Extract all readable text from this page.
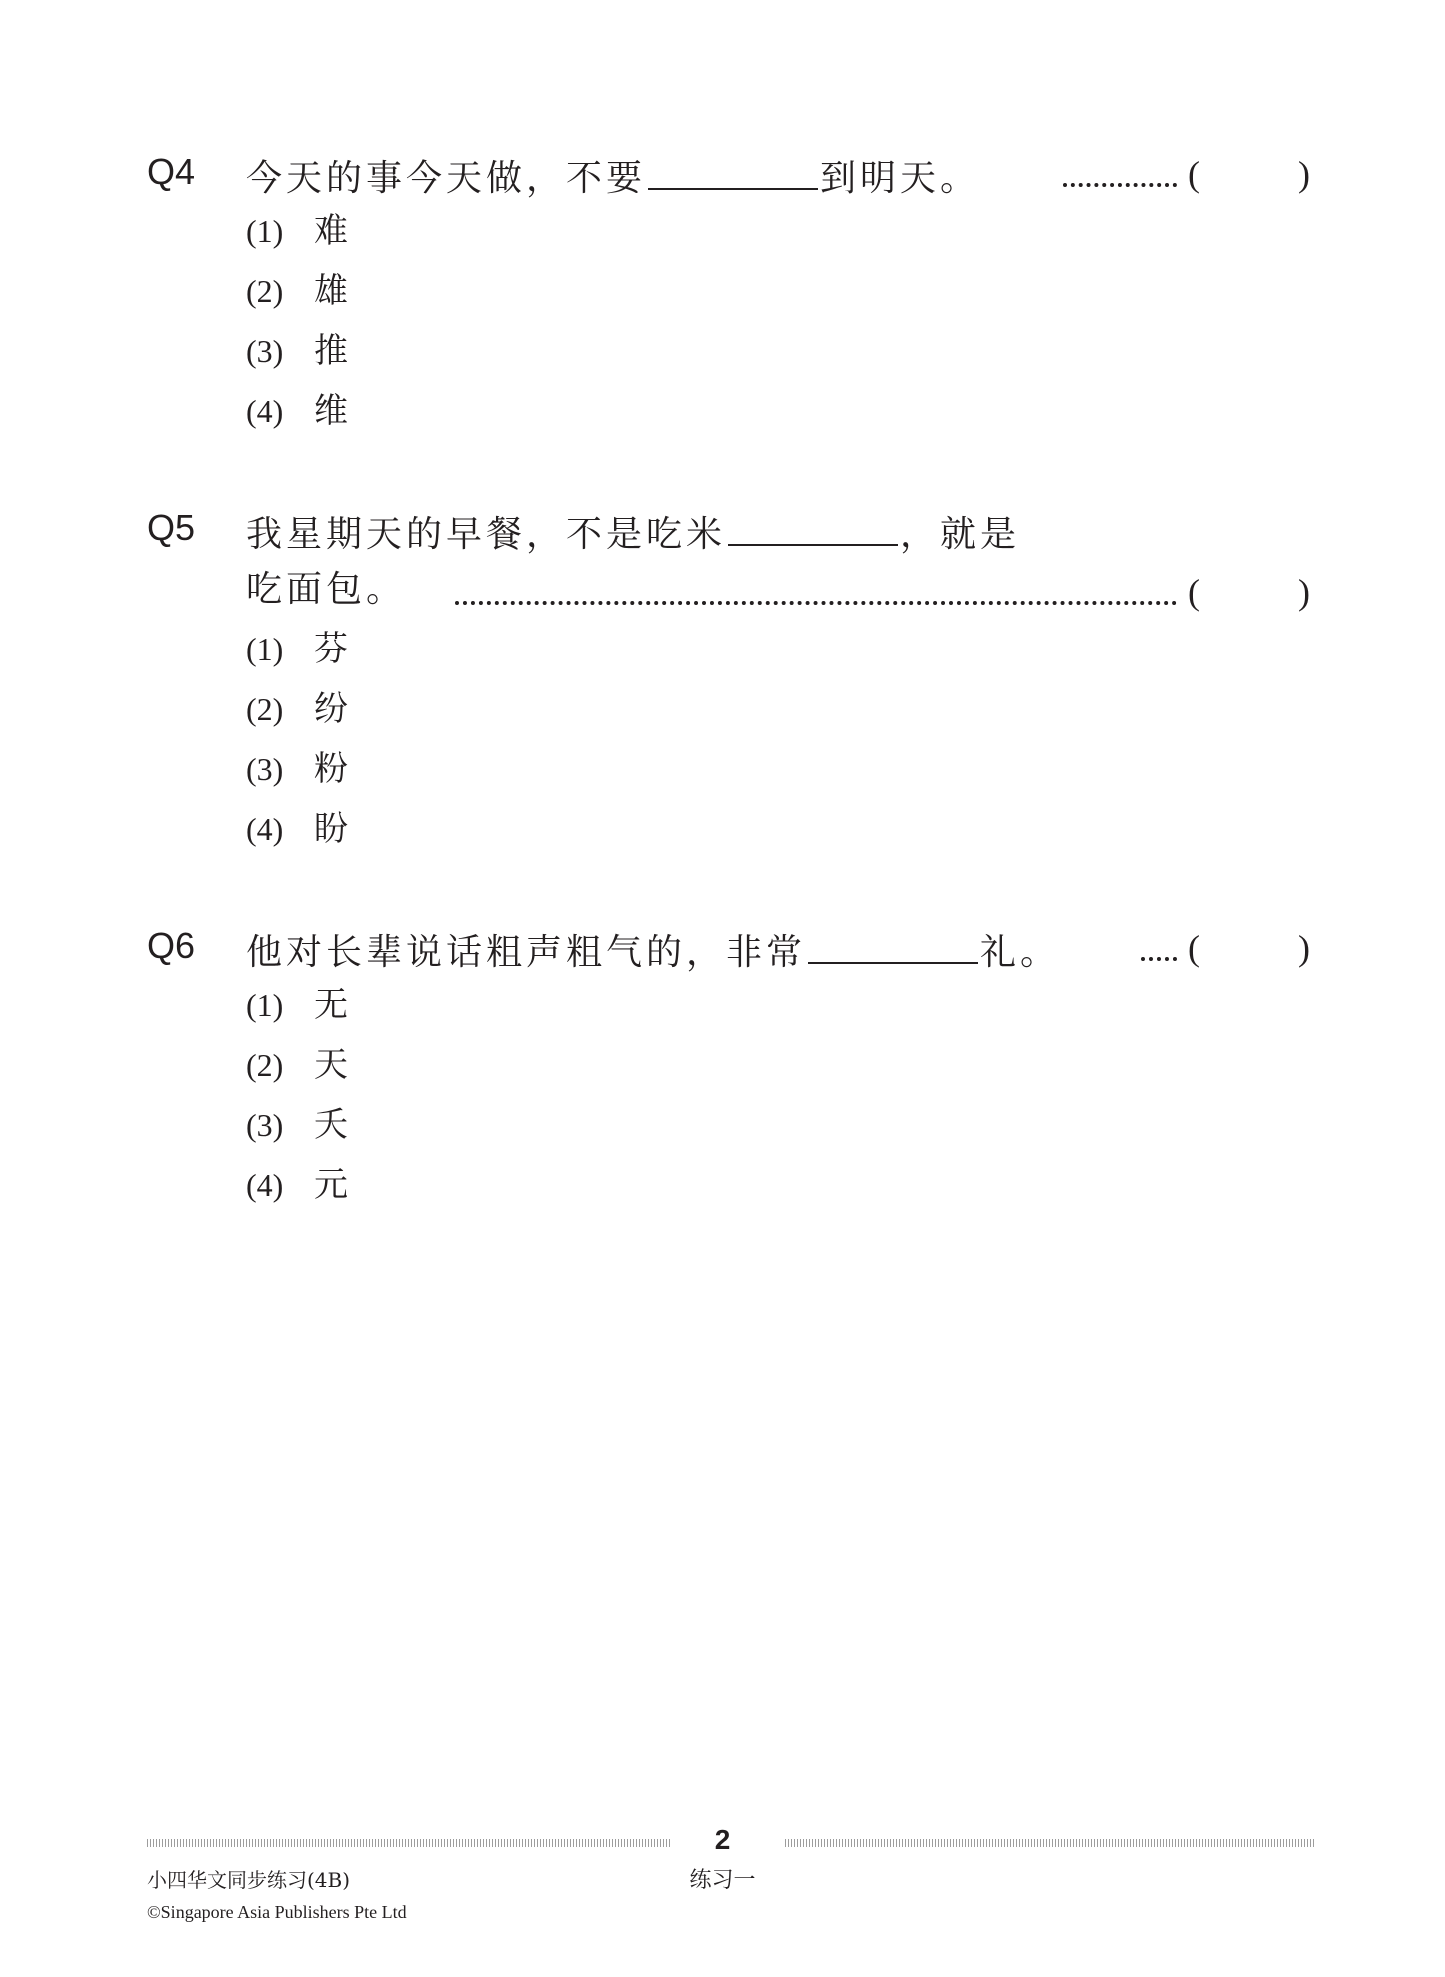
Q4 今天的事今天做，不要	到明天。	(	)
(1) 难
(2) 雄
(3) 推
(4) 维
Q5 我星期天的早餐，不是吃米	，就是
吃面包。	(	)
(1) 芬
(2) 纷
(3) 粉
(4) 盼
Q6 他对长辈说话粗声粗气的，非常	礼。	(	)
(1) 无
(2) 天
(3) 夭
(4) 元
2
小四华文同步练习(4B)	练习一
©Singapore Asia Publishers Pte Ltd
